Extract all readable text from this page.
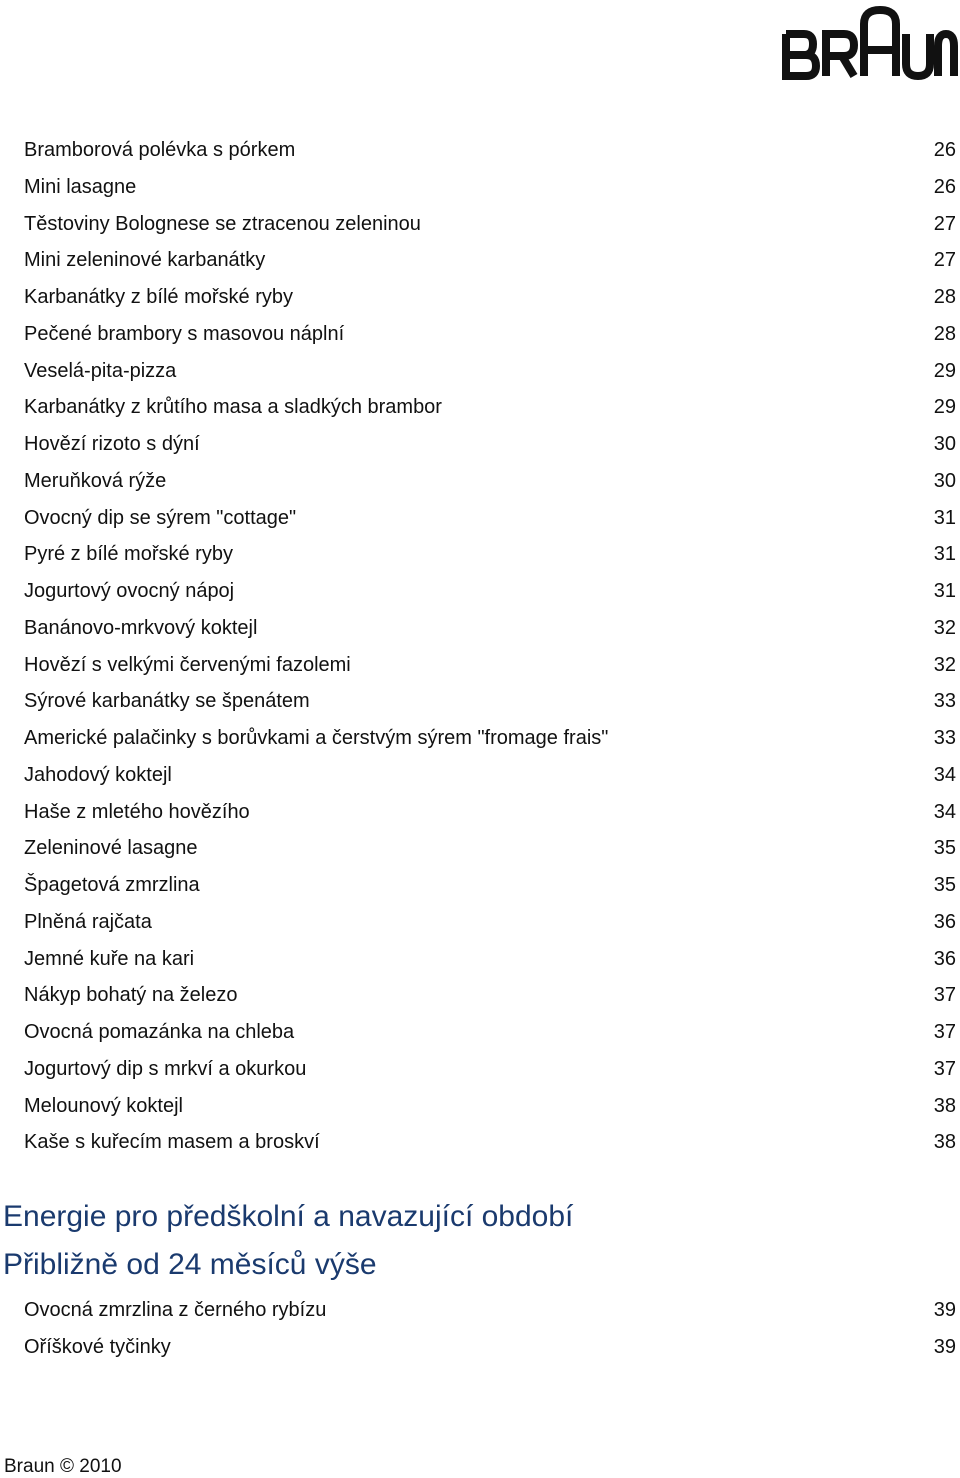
Bramborová polévka s pórkem	26
Mini lasagne	26
Těstoviny Bolognese se ztracenou zeleninou	27
Mini zeleninové karbanátky	27
Karbanátky z bílé mořské ryby	28
Pečené brambory s masovou náplní	28
Veselá-pita-pizza	29
Karbanátky z krůtího masa a sladkých brambor	29
Hovězí rizoto s dýní	30
Meruňková rýže	30
Ovocný dip se sýrem "cottage"	31
Pyré z bílé mořské ryby	31
Jogurtový ovocný nápoj	31
Banánovo-mrkvový koktejl	32
Hovězí s velkými červenými fazolemi	32
Sýrové karbanátky se špenátem	33
Americké palačinky s borůvkami a čerstvým sýrem "fromage frais"	33
Jahodový koktejl	34
Haše z mletého hovězího	34
Zeleninové lasagne	35
Špagetová zmrzlina	35
Plněná rajčata	36
Jemné kuře na kari	36
Nákyp bohatý na železo	37
Ovocná pomazánka na chleba	37
Jogurtový dip s mrkví a okurkou	37
Melounový koktejl	38
Kaše s kuřecím masem a broskví	38
Energie pro předškolní a navazující období
Přibližně od 24 měsíců výše
Ovocná zmrzlina z černého rybízu	39
Oříškové tyčinky	39
Braun © 2010
